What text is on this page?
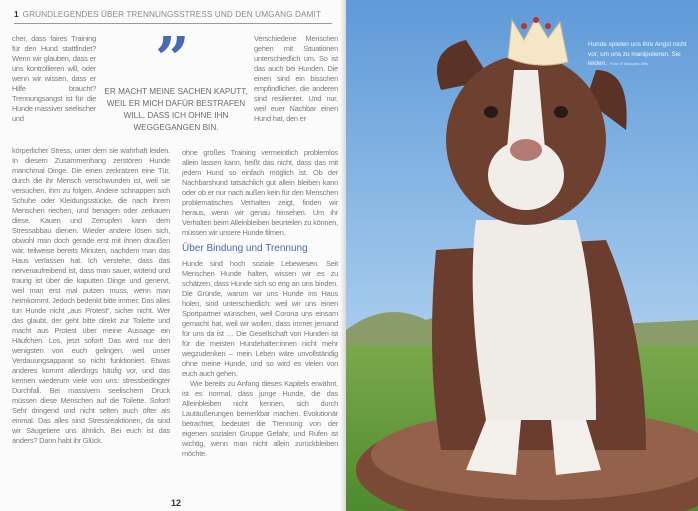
1 GRUNDLEGENDES ÜBER TRENNUNGSSTRESS UND DEN UMGANG DAMIT
cher, dass faires Training für den Hund stattfindet? Wenn wir glauben, dass er uns kontrollieren will, oder wenn wir wissen, dass er Hilfe braucht? Trennungsangst ist für die Hunde massiver seelischer und
körperlicher Stress, unter dem sie wahrhaft leiden. In diesem Zusammenhang zerstören Hunde manchmal Dinge. Die einen zerkratzen eine Tür, durch die ihr Mensch verschwunden ist, weil sie versuchen, ihm zu folgen. Andere schnappen sich Schuhe oder Kleidungsstücke, die nach ihrem Menschen riechen, und benagen oder zerkauen diese. Kauen und Zerrupfen kann dem Stressabbau dienen. Wieder andere lösen sich, obwohl man doch gerade erst mit ihnen draußen war, teilweise bereits Minuten, nachdem man das Haus verlassen hat. Ich verstehe, dass das nervenaufreibend ist, dass man sauer, wütend und traurig ist über die kaputten Dinge und genervt, weil man erst mal putzen muss, wenn man heimkommt. Jedoch bedenkt bitte immer: Das alles tun Hunde nicht „aus Protest“, sicher nicht. Wer das glaubt, der geht bitte direkt zur Toilette und macht aus Protest über meine Aussage ein Häufchen. Los, jetzt sofort! Das wird nur den wenigsten von euch gelingen, weil unser Verdauungsapparat so nicht funktioniert. Etwas anderes kommt allerdings häufig vor, und das kennen wiederum viele von uns: stressbedingter Durchfall. Bei massivem seelischem Druck müssen diese Menschen auf die Toilette. Sofort! Sehr dringend und nicht selten auch öfter als einmal. Das alles sind Stressreaktionen, da sind wir Säugetiere uns ähnlich. Bei euch ist das anders? Dann habt ihr Glück.
”
ER MACHT MEINE SACHEN KAPUTT, WEIL ER MICH DAFÜR BESTRAFEN WILL, DASS ICH OHNE IHN WEGGEGANGEN BIN.
Verschiedene Menschen gehen mit Situationen unterschiedlich um. So ist das auch bei Hunden. Die einen sind ein bisschen empfindlicher, die anderen sind resilienter. Und nur, weil euer Nachbar einen Hund hat, den er
ohne großes Training vermeintlich problemlos allein lassen kann, heißt das nicht, dass das mit jedem Hund so einfach möglich ist. Ob der Nachbarshund tatsächlich gut allein bleiben kann oder ob er nur nach außen kein für den Menschen problematisches Verhalten zeigt, finden wir heraus, wenn wir genau hinsehen. Um ihr Verhalten beim Alleinbleiben beurteilen zu können, müssen wir unsere Hunde filmen.
Über Bindung und Trennung
Hunde sind hoch soziale Lebewesen. Seit Menschen Hunde halten, wissen wir es zu schätzen, dass Hunde sich so eng an uns binden. Die Gründe, warum wir uns Hunde ins Haus holen, sind unterschiedlich: weil wir uns einen Sportpartner wünschen, weil Corona uns einsam gemacht hat, weil wir wollen, dass immer jemand für uns da ist … Die Gesellschaft von Hunden ist für die meisten Hundehalter:innen nicht mehr wegzudenken – mein Leben wäre unvollständig ohne meine Hunde, und so wird es vielen von euch auch gehen.
Wie bereits zu Anfang dieses Kapitels erwähnt, ist es normal, dass junge Hunde, die das Alleinbleiben nicht kennen, sich durch Lautäußerungen bemerkbar machen. Evolutionär betrachtet, bedeutet die Trennung von der eigenen sozialen Gruppe Gefahr, und Rufen ist wichtig, wenn man nicht allein zurückbleiben möchte.
12
Hunde spielen uns ihre Angst nicht vor, um uns zu manipulieren. Sie leiden. Foto: © Manuela Zels
